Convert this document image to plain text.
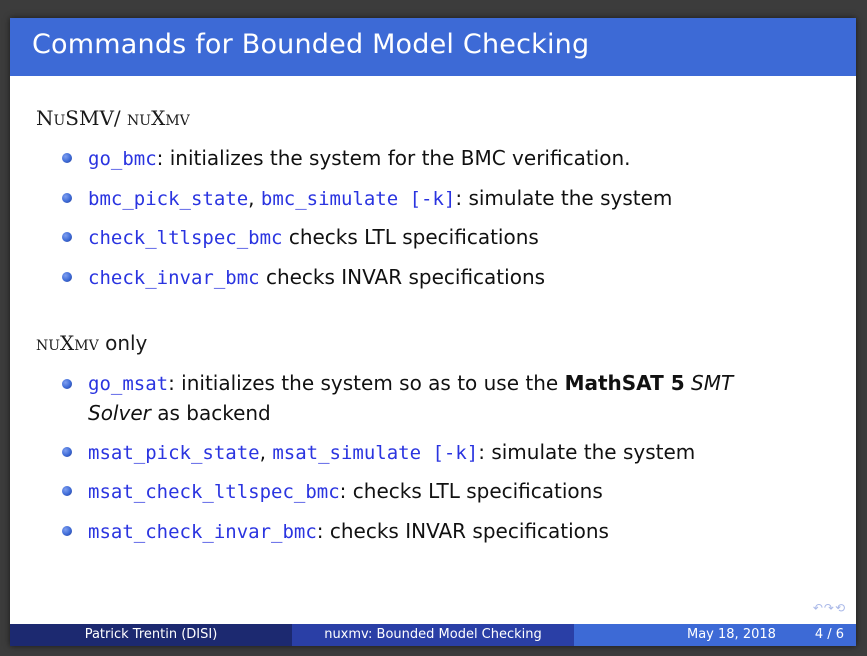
Commands for Bounded Model Checking
NuSMV/ nuXmv
go_bmc: initializes the system for the BMC verification.
bmc_pick_state, bmc_simulate [-k]: simulate the system
check_ltlspec_bmc checks LTL specifications
check_invar_bmc checks INVAR specifications
nuXmv only
go_msat: initializes the system so as to use the MathSAT 5 SMT
Solver as backend
msat_pick_state, msat_simulate [-k]: simulate the system
msat_check_ltlspec_bmc: checks LTL specifications
msat_check_invar_bmc: checks INVAR specifications
↶↷⟲
Patrick Trentin (DISI)	nuxmv: Bounded Model Checking	May 18, 2018	4 / 6
